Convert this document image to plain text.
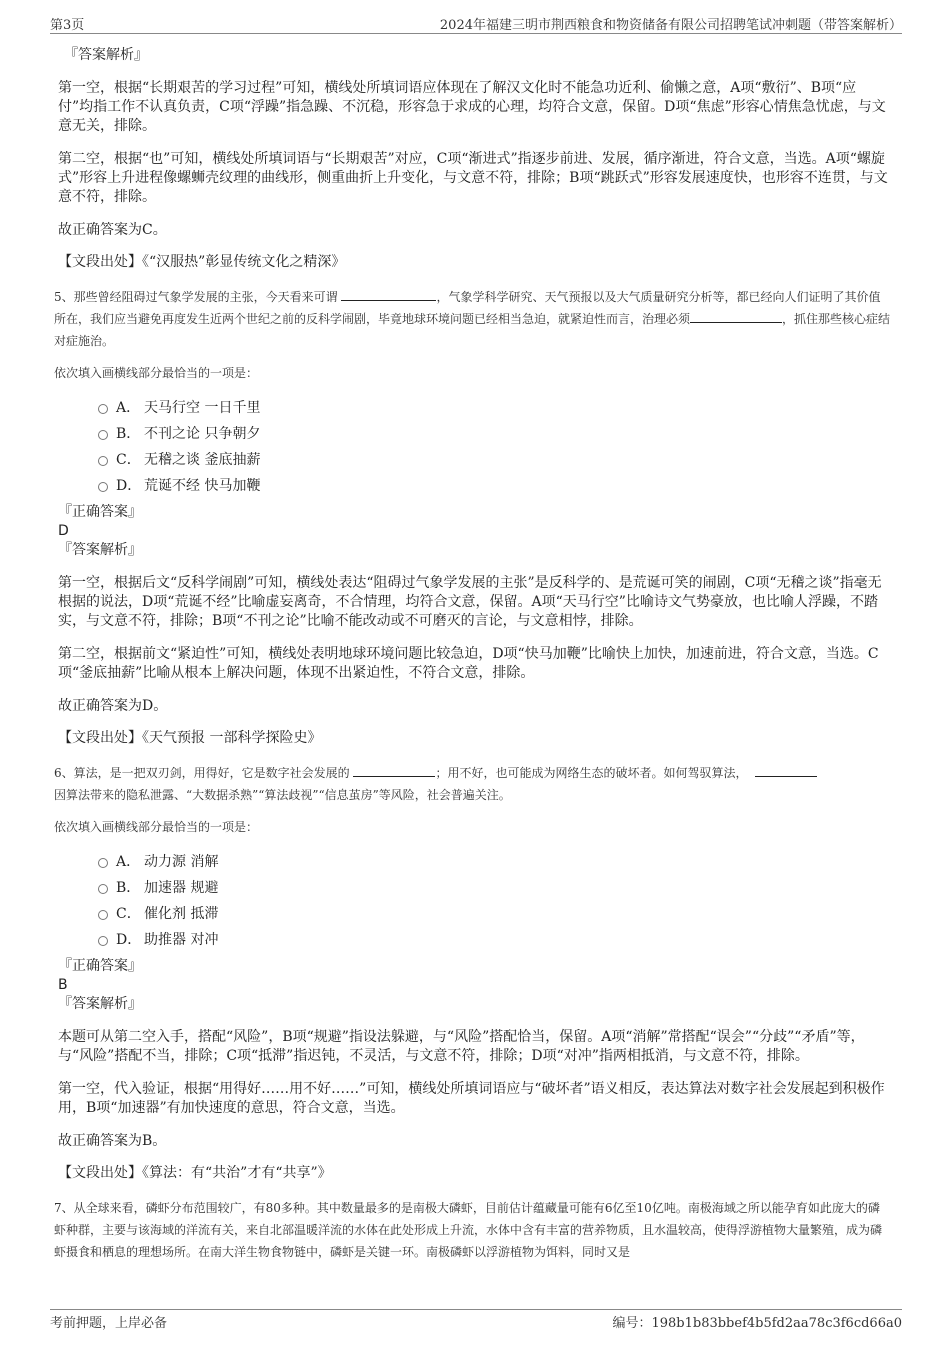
第3页	2024年福建三明市荆西粮食和物资储备有限公司招聘笔试冲刺题（带答案解析）

『答案解析』

第一空，根据“长期艰苦的学习过程”可知，横线处所填词语应体现在了解汉文化时不能急功近利、偷懒之意，A项“敷衍”、B项“应付”均指工作不认真负责，C项“浮躁”指急躁、不沉稳，形容急于求成的心理，均符合文意，保留。D项“焦虑”形容心情焦急忧虑，与文意无关，排除。

第二空，根据“也”可知，横线处所填词语与“长期艰苦”对应，C项“渐进式”指逐步前进、发展，循序渐进，符合文意，当选。A项“螺旋式”形容上升进程像螺蛳壳纹理的曲线形，侧重曲折上升变化，与文意不符，排除；B项“跳跃式”形容发展速度快，也形容不连贯，与文意不符，排除。

故正确答案为C。

【文段出处】《“汉服热”彰显传统文化之精深》

5、那些曾经阻碍过气象学发展的主张，今天看来可谓	，气象学科学研究、天气预报以及大气质量研究分析等，都已经向人们证明了其价值所在，我们应当避免再度发生近两个世纪之前的反科学闹剧，毕竟地球环境问题已经相当急迫，就紧迫性而言，治理必须	，抓住那些核心症结对症施治。

依次填入画横线部分最恰当的一项是：

A． 天马行空 一日千里
B． 不刊之论 只争朝夕
C． 无稽之谈 釜底抽薪
D． 荒诞不经 快马加鞭

『正确答案』

D

『答案解析』

第一空，根据后文“反科学闹剧”可知，横线处表达“阻碍过气象学发展的主张”是反科学的、是荒诞可笑的闹剧，C项“无稽之谈”指毫无根据的说法，D项“荒诞不经”比喻虚妄离奇，不合情理，均符合文意，保留。A项“天马行空”比喻诗文气势豪放，也比喻人浮躁，不踏实，与文意不符，排除；B项“不刊之论”比喻不能改动或不可磨灭的言论，与文意相悖，排除。

第二空，根据前文“紧迫性”可知，横线处表明地球环境问题比较急迫，D项“快马加鞭”比喻快上加快，加速前进，符合文意，当选。C项“釜底抽薪”比喻从根本上解决问题，体现不出紧迫性，不符合文意，排除。

故正确答案为D。

【文段出处】《天气预报 一部科学探险史》

6、算法，是一把双刃剑，用得好，它是数字社会发展的	；用不好，也可能成为网络生态的破坏者。如何驾驭算法，
因算法带来的隐私泄露、“大数据杀熟”“算法歧视”“信息茧房”等风险，社会普遍关注。

依次填入画横线部分最恰当的一项是：

A． 动力源 消解
B． 加速器 规避
C． 催化剂 抵滞
D． 助推器 对冲

『正确答案』

B

『答案解析』

本题可从第二空入手，搭配“风险”，B项“规避”指设法躲避，与“风险”搭配恰当，保留。A项“消解”常搭配“误会”“分歧”“矛盾”等，与“风险”搭配不当，排除；C项“抵滞”指迟钝，不灵活，与文意不符，排除；D项“对冲”指两相抵消，与文意不符，排除。

第一空，代入验证，根据“用得好……用不好……”可知，横线处所填词语应与“破坏者”语义相反，表达算法对数字社会发展起到积极作用，B项“加速器”有加快速度的意思，符合文意，当选。

故正确答案为B。

【文段出处】《算法：有“共治”才有“共享”》

7、从全球来看，磷虾分布范围较广，有80多种。其中数量最多的是南极大磷虾，目前估计蕴藏量可能有6亿至10亿吨。南极海域之所以能孕育如此庞大的磷虾种群，主要与该海域的洋流有关，来自北部温暖洋流的水体在此处形成上升流，水体中含有丰富的营养物质，且水温较高，使得浮游植物大量繁殖，成为磷虾摄食和栖息的理想场所。在南大洋生物食物链中，磷虾是关键一环。南极磷虾以浮游植物为饵料，同时又是

考前押题，上岸必备	编号：198b1b83bbef4b5fd2aa78c3f6cd66a0
